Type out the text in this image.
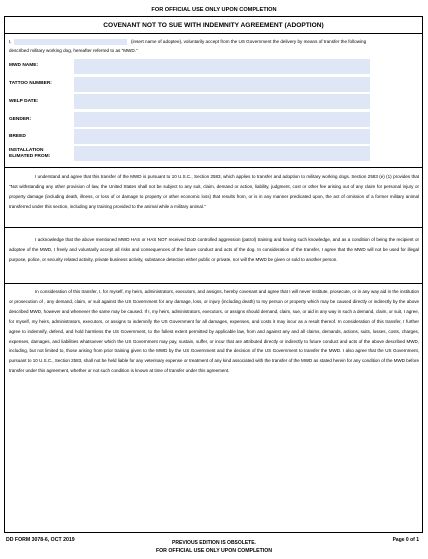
FOR OFFICIAL USE ONLY UPON COMPLETION
COVENANT NOT TO SUE WITH INDEMNITY AGREEMENT (ADOPTION)
I,	(insert name of adoptee), voluntarily accept from the US Government the delivery by means of transfer the following
described military working dog, hereafter referred to as "MWD."
MWD NAME:
TATTOO NUMBER:
WELP DATE:
GENDER:
BREED
INSTALLATION ELIMATED FROM:
I understand and agree that this transfer of the MWD is pursuant to 10 U.S.C., Section 2583, which applies to transfer and adoption to military working dogs. Section 2583 (e) (1) provides that "Not withstanding any other provision of law, the United States shall not be subject to any suit, claim, demand or action, liability, judgment, cost or other fee arising out of any claim for personal injury or property damage (including death, illness, or loss of or damage to property or other economic loss) that results from, or is in any manner predicated upon, the act of omission of a former military animal transferred under this section, including any training provided to the animal while a military animal."
I acknowledge that the above mentioned MWD HAS or HAS NOT received DoD controlled aggression (patrol) training and having such knowledge, and as a condition of being the recipient or adoptee of the MWD, I freely and voluntarily accept all risks and consequences of the future conduct and acts of the dog. In consideration of the transfer, I agree that the MWD will not be used for illegal purpose, police, or security related activity, private business activity, substance detection either public or private, nor will the MWD be given or sold to another person.
In consideration of this transfer, I, for myself, my heirs, administrators, executors, and assigns, hereby covenant and agree that I will never institute, prosecute, or in any way aid in the institution or prosecution of , any demand, claim, or suit against the US Government for any damage, loss, or injury (including death) to my person or property which may be caused directly or indirectly by the above described MWD, however and whenever the same may be caused. If I, my heirs, administrators, executors, or assigns should demand, claim, sue, or aid in any way in such a demand, claim, or suit, I agree, for myself, my heirs, administrators, executors, or assigns to indemnify the US Government for all damages, expenses, and costs it may incur as a result thereof. In consideration of this transfer, I further agree to indemnify, defend, and hold harmless the US Government, to the fullest extent permitted by applicable law, from and against any and all claims, demands, actions, suits, losses, costs, charges, expenses, damages, and liabilities whatsoever which the US Government may pay, sustain, suffer, or incur that are attributed directly or indirectly to future conduct and acts of the above described MWD, including, but not limited to, those arising from prior training given to the MWD by the US Government and the decision of the US Government to transfer the MWD. I also agree that the US Government, pursuant to 10 U.S.C., Section 2583, shall not be held liable for any veterinary expense or treatment of any kind associated with the transfer of the MWD as stated herein for any condition of the MWD before transfer under this agreement, whether or not such condition is known at time of transfer under this agreement.
DD FORM 3078-6, OCT 2019	PREVIOUS EDITION IS OBSOLETE.	Page 0 of 1
FOR OFFICIAL USE ONLY UPON COMPLETION
